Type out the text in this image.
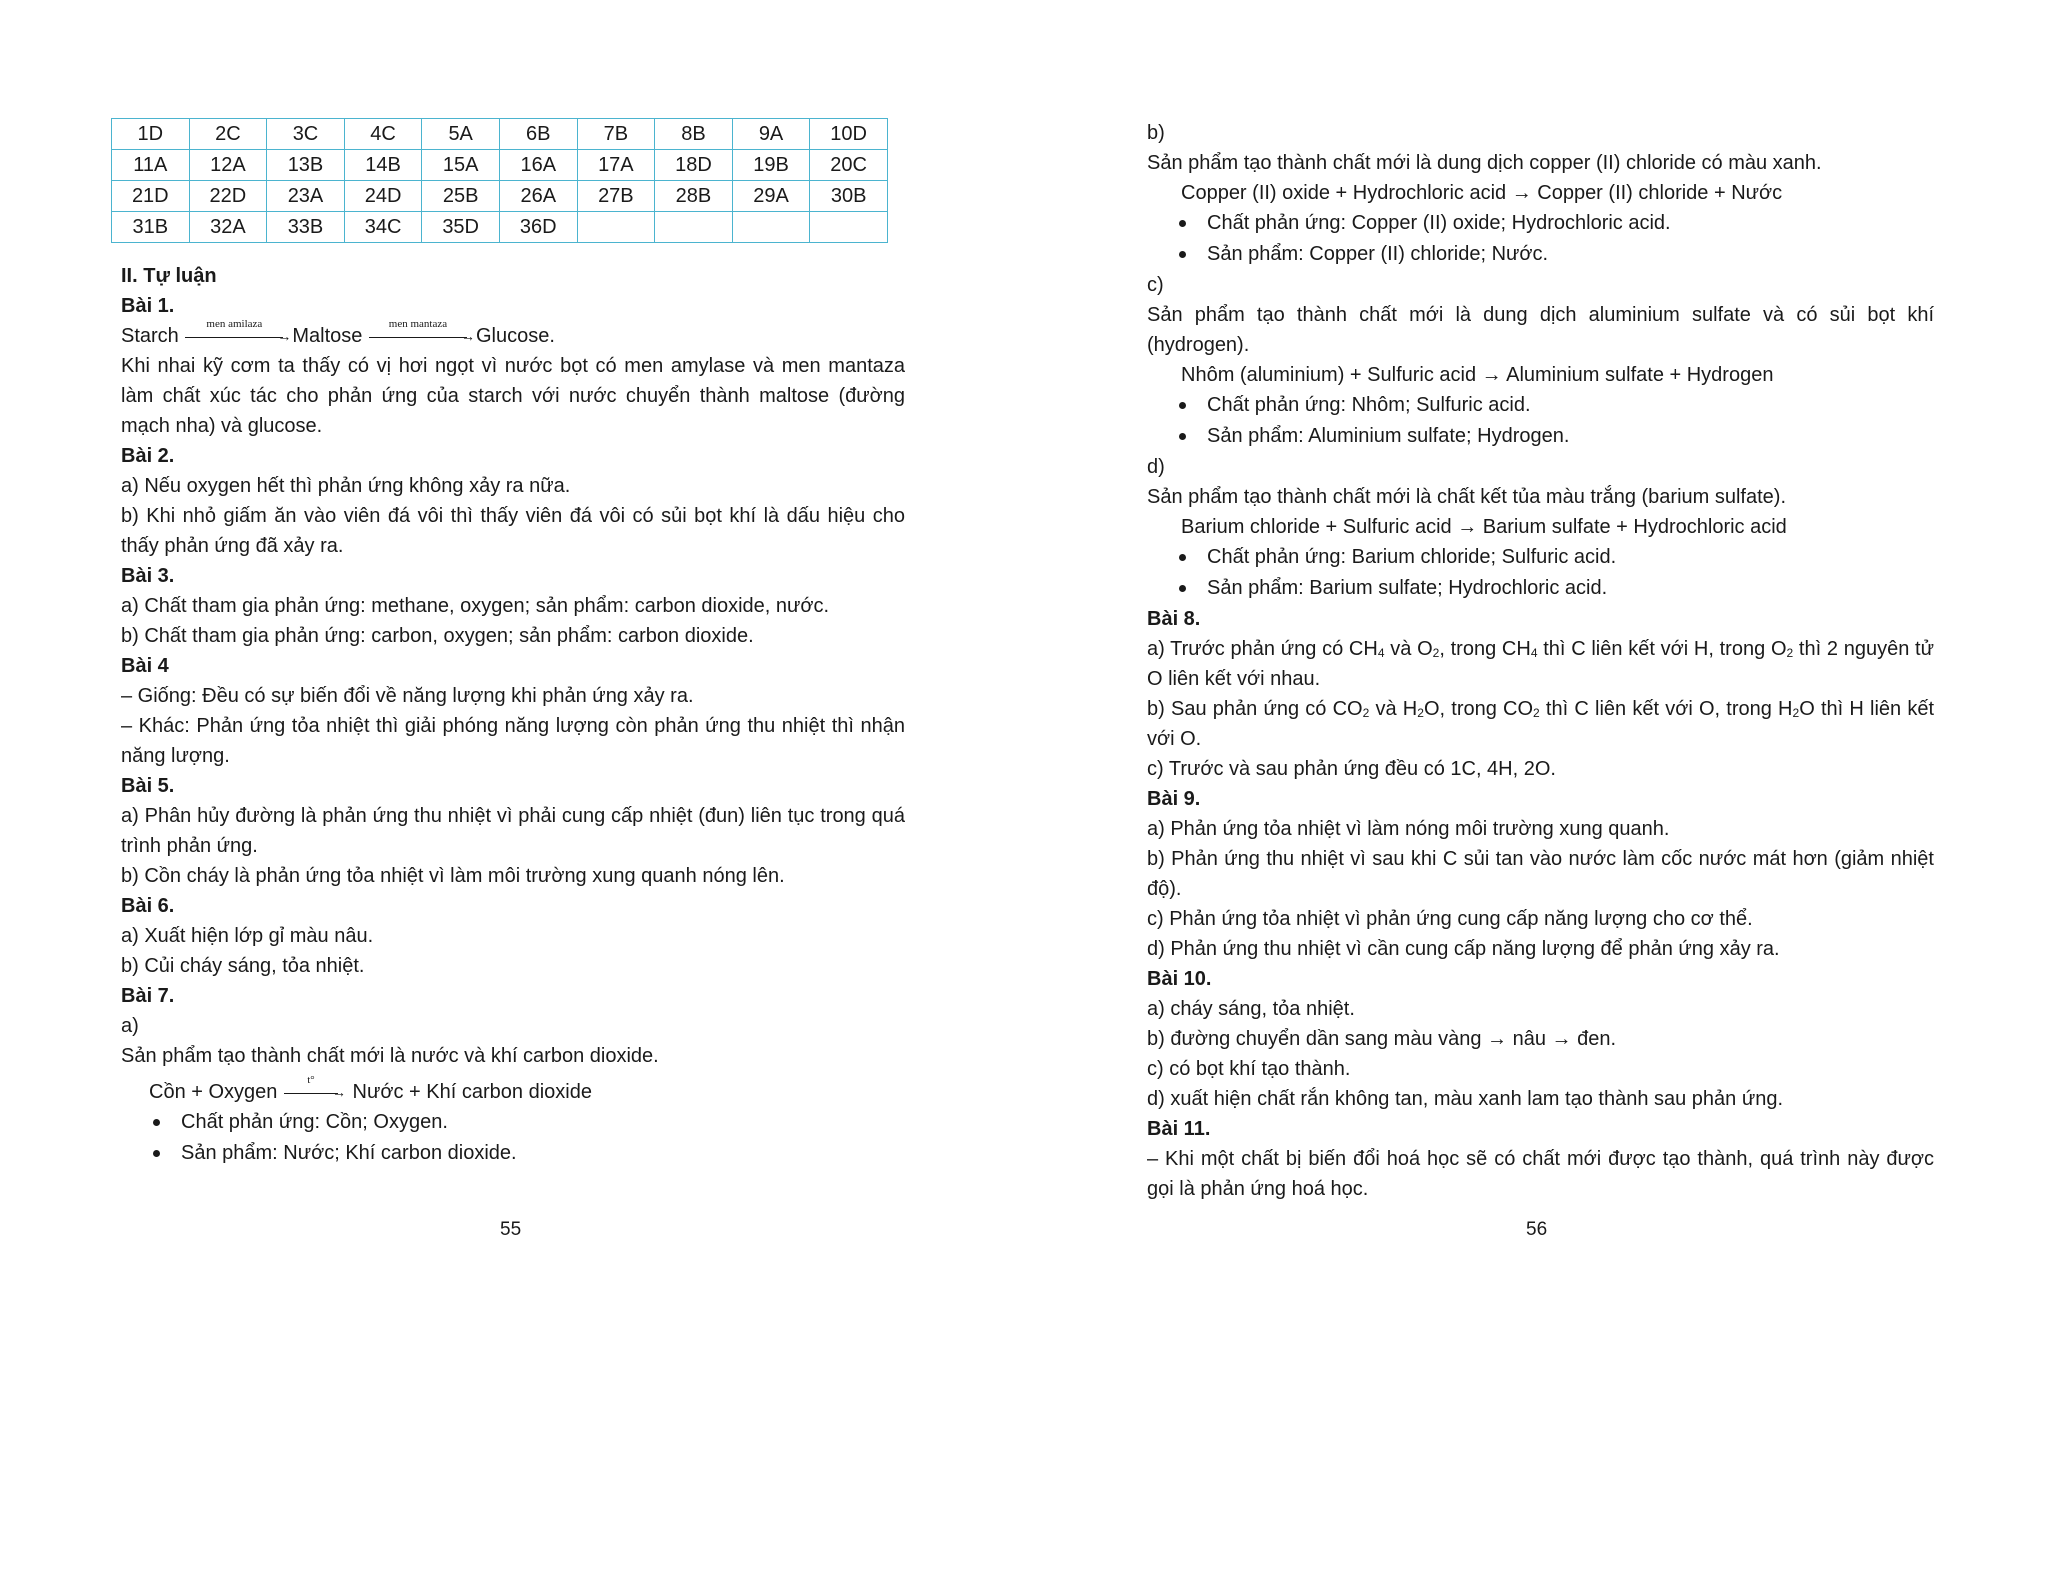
1D	2C	3C	4C	5A	6B	7B	8B	9A	10D
11A	12A	13B	14B	15A	16A	17A	18D	19B	20C
21D	22D	23A	24D	25B	26A	27B	28B	29A	30B
31B	32A	33B	34C	35D	36D				

II. Tự luận

Bài 1.

Starch
men amilaza
→ Maltose
men mantaza
→ Glucose.

Khi nhai kỹ cơm ta thấy có vị hơi ngọt vì nước bọt có men amylase và men mantaza làm chất xúc tác cho phản ứng của starch với nước chuyển thành maltose (đường mạch nha) và glucose.

Bài 2.

a) Nếu oxygen hết thì phản ứng không xảy ra nữa.

b) Khi nhỏ giấm ăn vào viên đá vôi thì thấy viên đá vôi có sủi bọt khí là dấu hiệu cho thấy phản ứng đã xảy ra.

Bài 3.

a) Chất tham gia phản ứng: methane, oxygen; sản phẩm: carbon dioxide, nước.

b) Chất tham gia phản ứng: carbon, oxygen; sản phẩm: carbon dioxide.

Bài 4

– Giống: Đều có sự biến đổi về năng lượng khi phản ứng xảy ra.

– Khác: Phản ứng tỏa nhiệt thì giải phóng năng lượng còn phản ứng thu nhiệt thì nhận năng lượng.

Bài 5.

a) Phân hủy đường là phản ứng thu nhiệt vì phải cung cấp nhiệt (đun) liên tục trong quá trình phản ứng.

b) Cồn cháy là phản ứng tỏa nhiệt vì làm môi trường xung quanh nóng lên.

Bài 6.

a) Xuất hiện lớp gỉ màu nâu.

b) Củi cháy sáng, tỏa nhiệt.

Bài 7.

a)

Sản phẩm tạo thành chất mới là nước và khí carbon dioxide.

Cồn + Oxygen
t°
→ Nước + Khí carbon dioxide

Chất phản ứng: Cồn; Oxygen.
Sản phẩm: Nước; Khí carbon dioxide.
55

b)

Sản phẩm tạo thành chất mới là dung dịch copper (II) chloride có màu xanh.

Copper (II) oxide + Hydrochloric acid → Copper (II) chloride + Nước

Chất phản ứng: Copper (II) oxide; Hydrochloric acid.
Sản phẩm: Copper (II) chloride; Nước.

c)

Sản phẩm tạo thành chất mới là dung dịch aluminium sulfate và có sủi bọt khí (hydrogen).

Nhôm (aluminium) + Sulfuric acid → Aluminium sulfate + Hydrogen

Chất phản ứng: Nhôm; Sulfuric acid.
Sản phẩm: Aluminium sulfate; Hydrogen.

d)

Sản phẩm tạo thành chất mới là chất kết tủa màu trắng (barium sulfate).

Barium chloride + Sulfuric acid → Barium sulfate + Hydrochloric acid

Chất phản ứng: Barium chloride; Sulfuric acid.
Sản phẩm: Barium sulfate; Hydrochloric acid.

Bài 8.

a) Trước phản ứng có $CH_4$ và $O_2$, trong $CH_4$ thì C liên kết với H, trong $O_2$ thì 2 nguyên tử O liên kết với nhau.

b) Sau phản ứng có $CO_2$ và $H_2O$, trong $CO_2$ thì C liên kết với O, trong $H_2O$ thì H liên kết với O.

c) Trước và sau phản ứng đều có 1C, 4H, 2O.

Bài 9.

a) Phản ứng tỏa nhiệt vì làm nóng môi trường xung quanh.

b) Phản ứng thu nhiệt vì sau khi C sủi tan vào nước làm cốc nước mát hơn (giảm nhiệt độ).

c) Phản ứng tỏa nhiệt vì phản ứng cung cấp năng lượng cho cơ thể.

d) Phản ứng thu nhiệt vì cần cung cấp năng lượng để phản ứng xảy ra.

Bài 10.

a) cháy sáng, tỏa nhiệt.

b) đường chuyển dần sang màu vàng → nâu → đen.

c) có bọt khí tạo thành.

d) xuất hiện chất rắn không tan, màu xanh lam tạo thành sau phản ứng.

Bài 11.

– Khi một chất bị biến đổi hoá học sẽ có chất mới được tạo thành, quá trình này được gọi là phản ứng hoá học.

56
